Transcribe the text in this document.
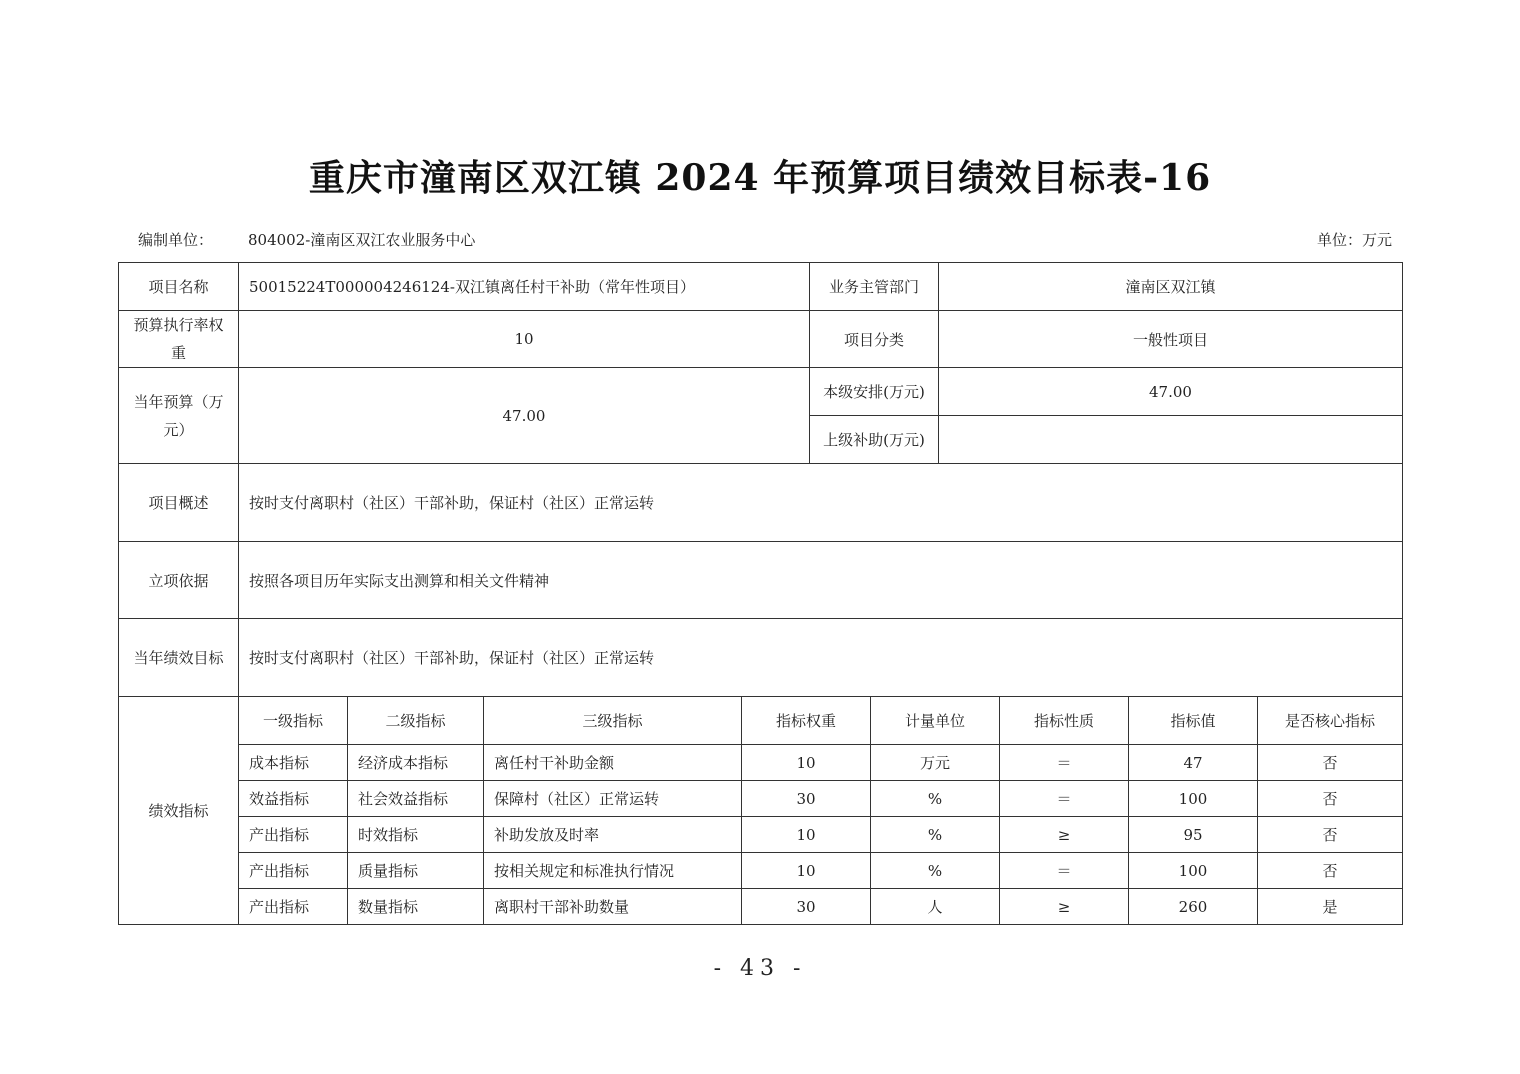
重庆市潼南区双江镇 2024 年预算项目绩效目标表-16
编制单位： 804002-潼南区双江农业服务中心	单位：万元
项目名称	50015224T000004246124-双江镇离任村干补助（常年性项目）	业务主管部门	潼南区双江镇
预算执行率权重	10	项目分类	一般性项目
当年预算（万元）	47.00	本级安排(万元)	47.00
		上级补助(万元)	
项目概述	按时支付离职村（社区）干部补助，保证村（社区）正常运转		
立项依据	按照各项目历年实际支出测算和相关文件精神		
当年绩效目标	按时支付离职村（社区）干部补助，保证村（社区）正常运转		
绩效指标	一级指标	二级指标	三级指标	指标权重	计量单位	指标性质	指标值	是否核心指标
	成本指标	经济成本指标	离任村干补助金额	10	万元	＝	47	否
	效益指标	社会效益指标	保障村（社区）正常运转	30	%	＝	100	否
	产出指标	时效指标	补助发放及时率	10	%	≥	95	否
	产出指标	质量指标	按相关规定和标准执行情况	10	%	＝	100	否
	产出指标	数量指标	离职村干部补助数量	30	人	≥	260	是
- 43 -
